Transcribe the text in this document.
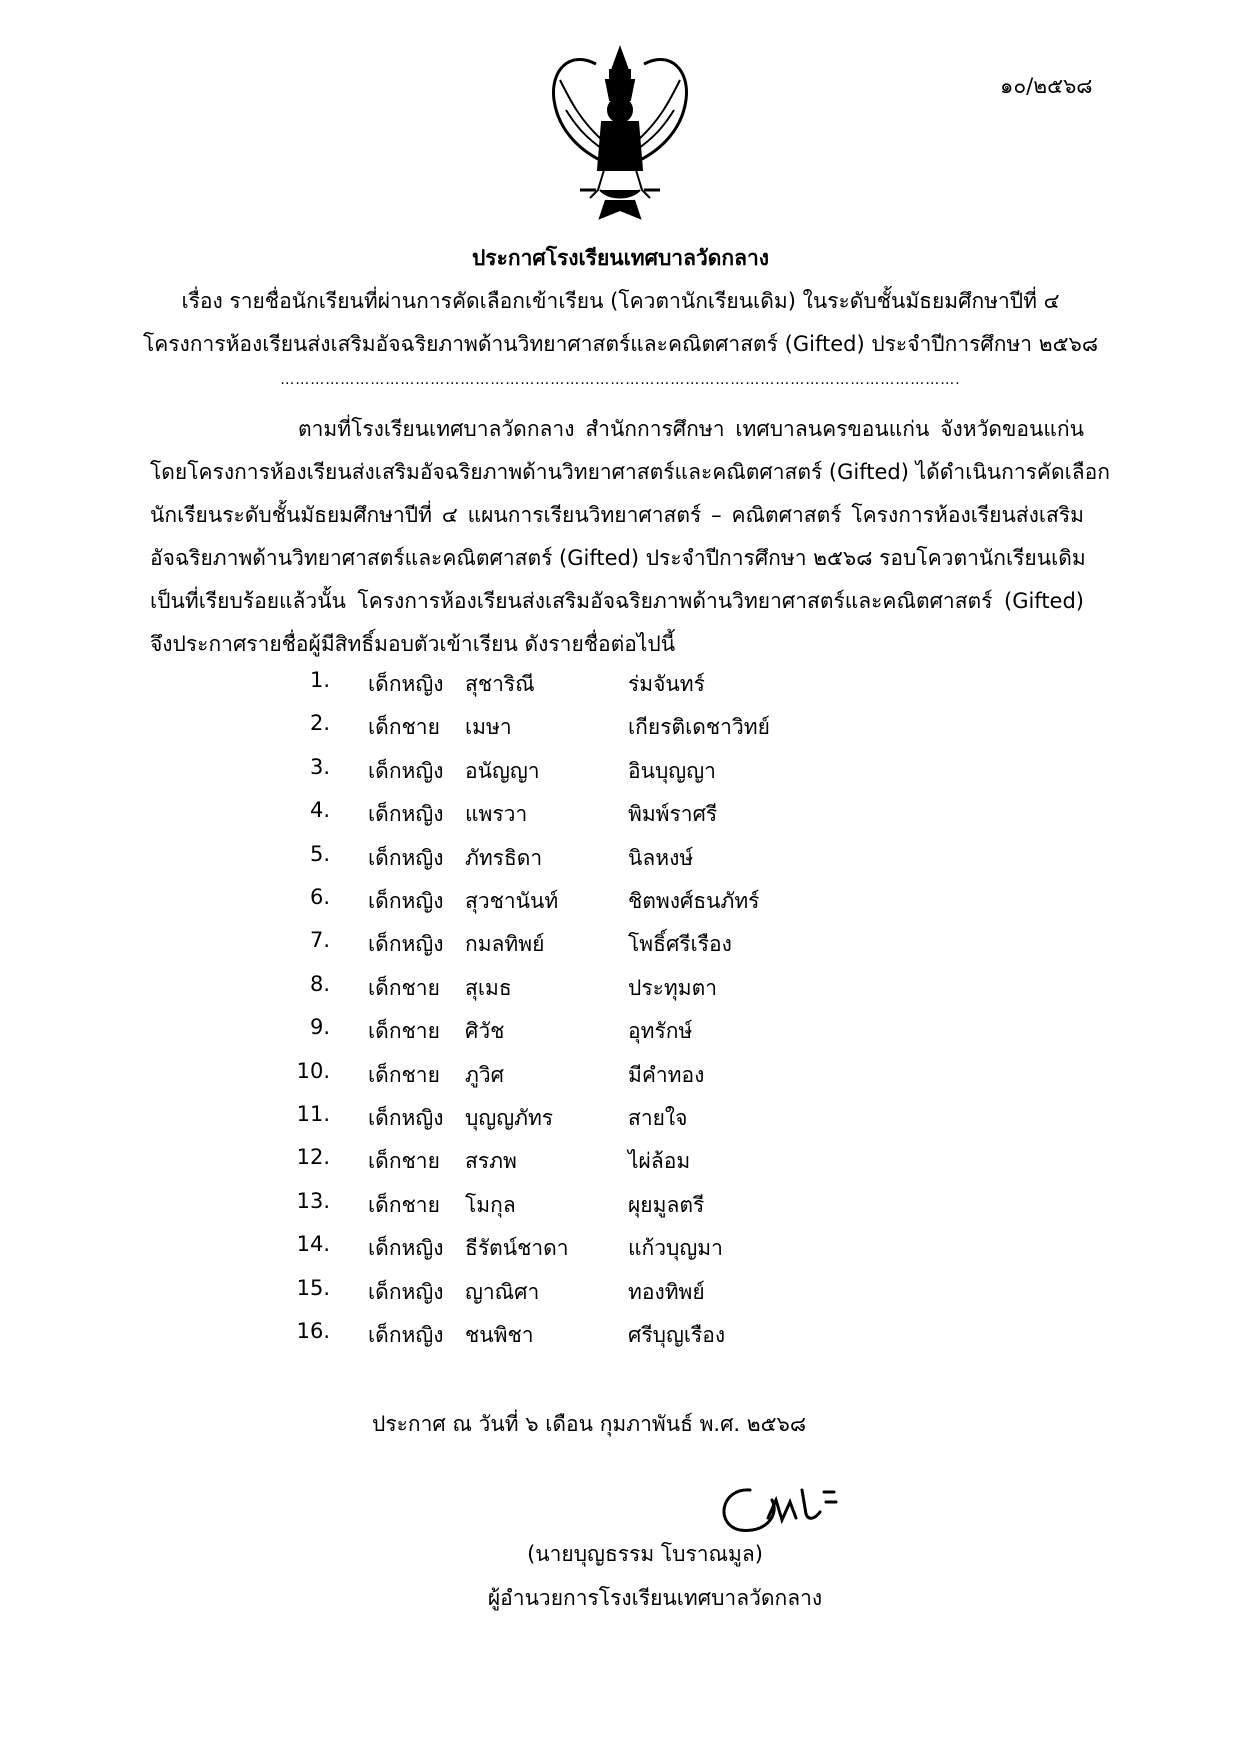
๑๐/๒๕๖๘
ประกาศโรงเรียนเทศบาลวัดกลาง
เรื่อง รายชื่อนักเรียนที่ผ่านการคัดเลือกเข้าเรียน (โควตานักเรียนเดิม) ในระดับชั้นมัธยมศึกษาปีที่ ๔
โครงการห้องเรียนส่งเสริมอัจฉริยภาพด้านวิทยาศาสตร์และคณิตศาสตร์ (Gifted) ประจำปีการศึกษา ๒๕๖๘
……………………………………………………………………………………………………………………….
ตามที่โรงเรียนเทศบาลวัดกลาง สำนักการศึกษา เทศบาลนครขอนแก่น จังหวัดขอนแก่น
โดยโครงการห้องเรียนส่งเสริมอัจฉริยภาพด้านวิทยาศาสตร์และคณิตศาสตร์ (Gifted) ได้ดำเนินการคัดเลือก
นักเรียนระดับชั้นมัธยมศึกษาปีที่ ๔ แผนการเรียนวิทยาศาสตร์ – คณิตศาสตร์ โครงการห้องเรียนส่งเสริม
อัจฉริยภาพด้านวิทยาศาสตร์และคณิตศาสตร์ (Gifted) ประจำปีการศึกษา ๒๕๖๘ รอบโควตานักเรียนเดิม
เป็นที่เรียบร้อยแล้วนั้น โครงการห้องเรียนส่งเสริมอัจฉริยภาพด้านวิทยาศาสตร์และคณิตศาสตร์ (Gifted)
จึงประกาศรายชื่อผู้มีสิทธิ์มอบตัวเข้าเรียน ดังรายชื่อต่อไปนี้
1. เด็กหญิง สุชาริณี	ร่มจันทร์
2. เด็กชาย เมษา	เกียรติเดชาวิทย์
3. เด็กหญิง อนัญญา	อินบุญญา
4. เด็กหญิง แพรวา	พิมพ์ราศรี
5. เด็กหญิง ภัทรธิดา	นิลหงษ์
6. เด็กหญิง สุวชานันท์	ชิตพงศ์ธนภัทร์
7. เด็กหญิง กมลทิพย์	โพธิ์ศรีเรือง
8. เด็กชาย สุเมธ	ประทุมตา
9. เด็กชาย ศิวัช	อุทรักษ์
10. เด็กชาย ภูวิศ	มีคำทอง
11. เด็กหญิง บุญญภัทร	สายใจ
12. เด็กชาย สรภพ	ไผ่ล้อม
13. เด็กชาย โมกุล	ผุยมูลตรี
14. เด็กหญิง ธีรัตน์ชาดา	แก้วบุญมา
15. เด็กหญิง ญาณิศา	ทองทิพย์
16. เด็กหญิง ชนพิชา	ศรีบุญเรือง
ประกาศ ณ วันที่ ๖ เดือน กุมภาพันธ์ พ.ศ. ๒๕๖๘
(นายบุญธรรม โบราณมูล)
ผู้อำนวยการโรงเรียนเทศบาลวัดกลาง
